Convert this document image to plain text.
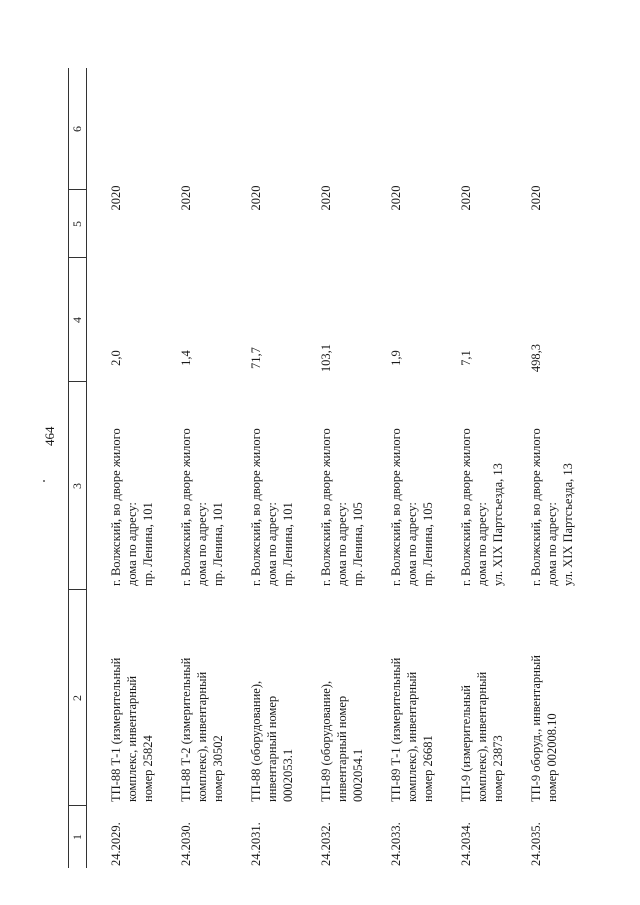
464
1
2
3
4
5
6
24.2029.
ТП-88 Т-1 (измерительный комплекс, инвентарный номер 25824
г. Волжский, во дворе жилого дома по адресу: пр. Ленина, 101
2,0
2020
24.2030.
ТП-88 Т-2 (измерительный комплекс), инвентарный номер 30502
г. Волжский, во дворе жилого дома по адресу: пр. Ленина, 101
1,4
2020
24.2031.
ТП-88 (оборудование), инвентарный номер 0002053.1
г. Волжский, во дворе жилого дома по адресу: пр. Ленина, 101
71,7
2020
24.2032.
ТП-89 (оборудование), инвентарный номер 0002054.1
г. Волжский, во дворе жилого дома по адресу: пр. Ленина, 105
103,1
2020
24.2033.
ТП-89 Т-1 (измерительный комплекс), инвентарный номер 26681
г. Волжский, во дворе жилого дома по адресу: пр. Ленина, 105
1,9
2020
24.2034.
ТП-9 (измерительный комплекс), инвентарный номер 23873
г. Волжский, во дворе жилого дома по адресу: ул. XIX Партсъезда, 13
7,1
2020
24.2035.
ТП-9 оборуд., инвентарный номер 002008.10
г. Волжский, во дворе жилого дома по адресу: ул. XIX Партсъезда, 13
498,3
2020
